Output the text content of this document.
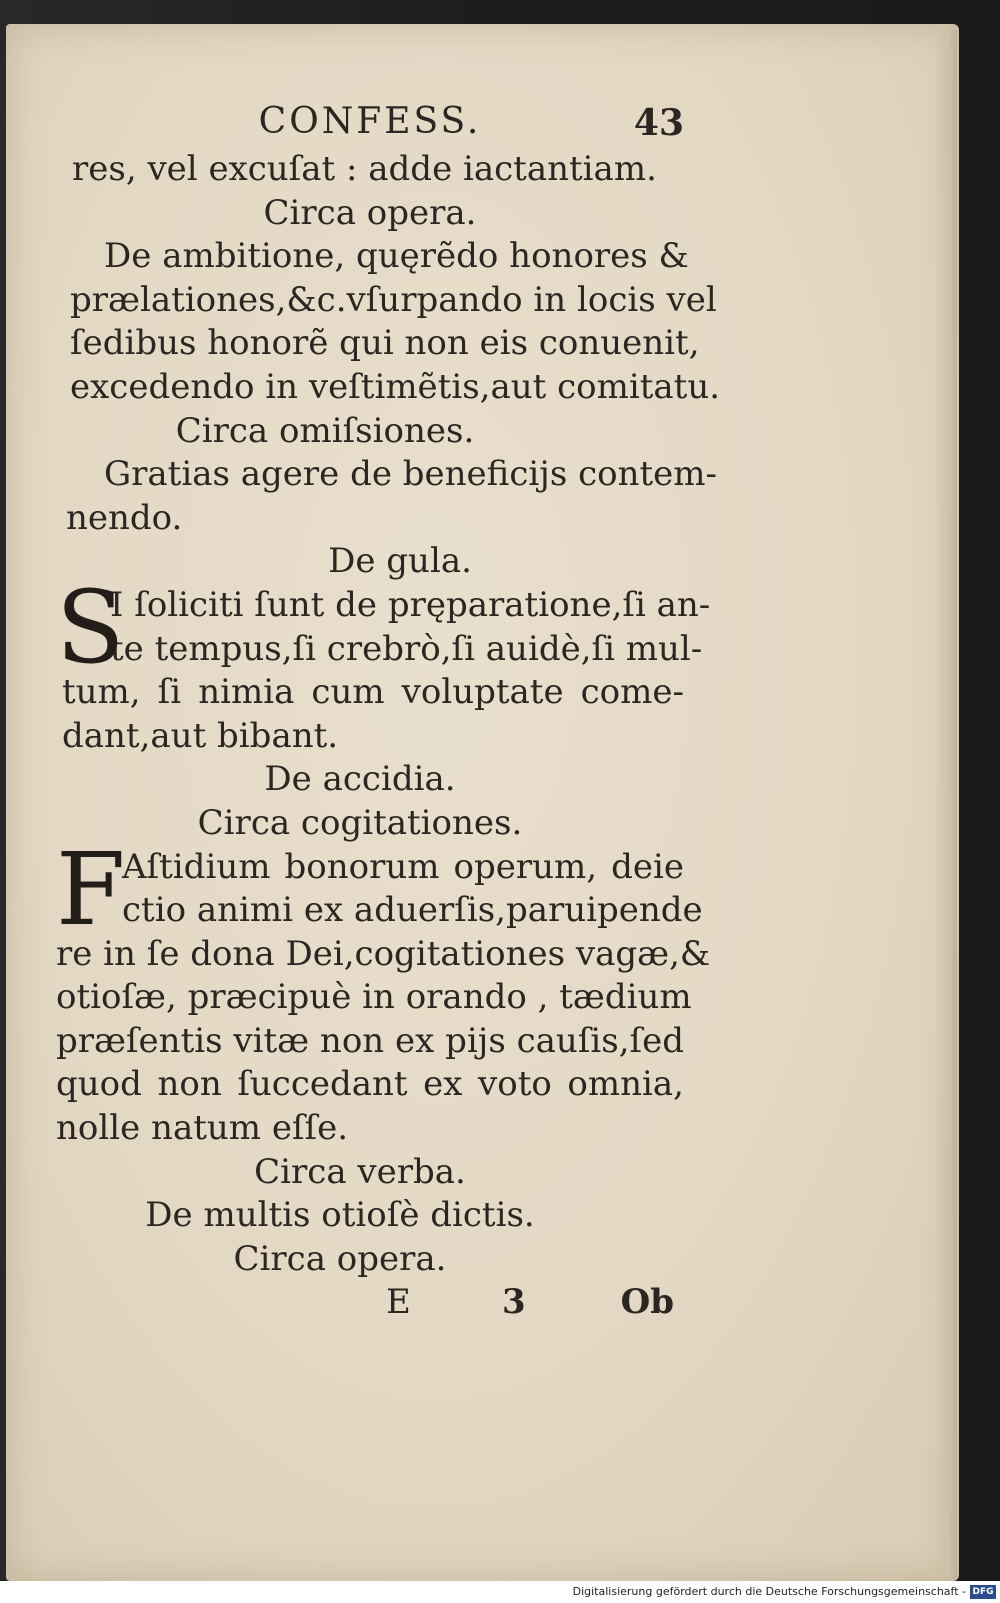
CONFESS.	43
res, vel excuſat : adde iactantiam.
Circa opera.
De ambitione, quęrẽdo honores &
prælationes,&c.vſurpando in locis vel
ſedibus honorẽ qui non eis conuenit,
excedendo in veſtimẽtis,aut comitatu.
Circa omiſsiones.
Gratias agere de beneficijs contem-
nendo.
De gula.
S
I ſoliciti ſunt de pręparatione,ſi an-
te tempus,ſi crebrò,ſi auidè,ſi mul-
tum, ſi nimia cum voluptate come-
dant,aut bibant.
De accidia.
Circa cogitationes.
F
Aſtidium bonorum operum, deie
ctio animi ex aduerſis,paruipende
re in ſe dona Dei,cogitationes vagæ,&
otioſæ, præcipuè in orando , tædium
præſentis vitæ non ex pijs cauſis,ſed
quod non ſuccedant ex voto omnia,
nolle natum eſſe.
Circa verba.
De multis otioſè dictis.
Circa opera.
E	3	Ob
Digitalisierung gefördert durch die Deutsche Forschungsgemeinschaft - DFG
